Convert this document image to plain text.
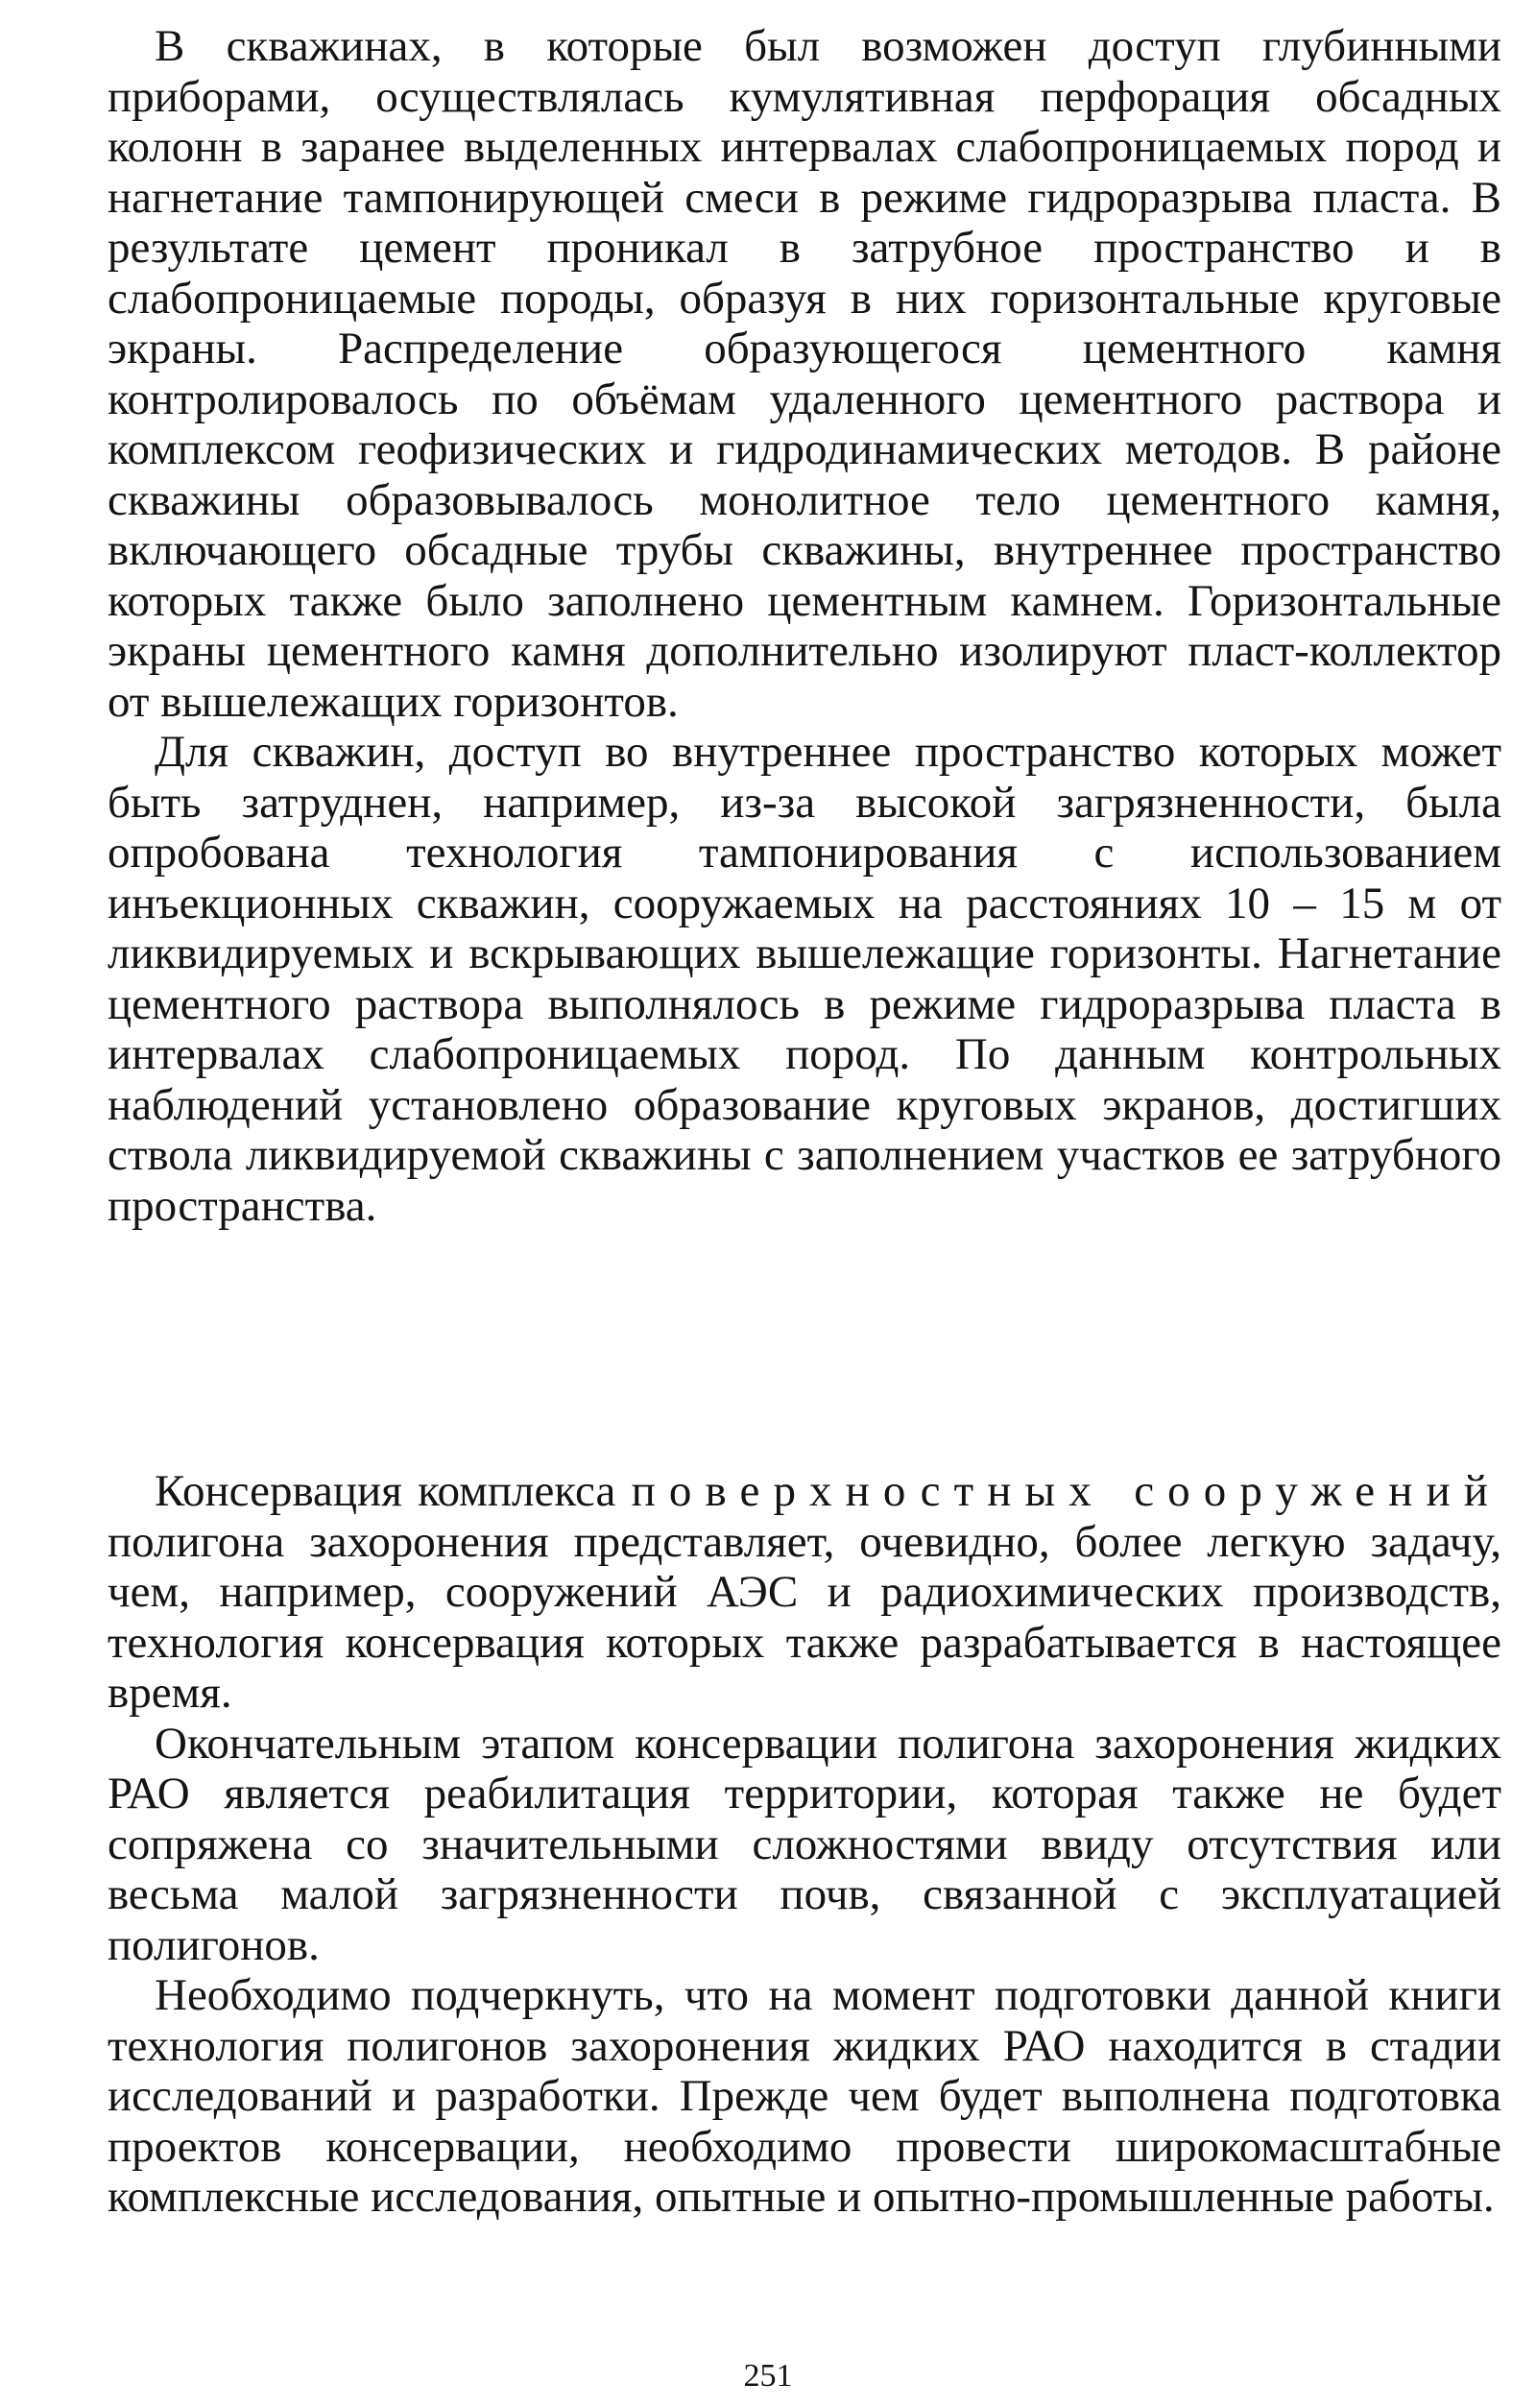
В скважинах, в которые был возможен доступ глубинными приборами, осуществлялась кумулятивная перфорация обсадных колонн в заранее выделенных интервалах слабопроницаемых пород и нагнетание тампонирующей смеси в режиме гидроразрыва пласта. В результате цемент проникал в затрубное пространство и в слабопроницаемые породы, образуя в них горизонтальные круговые экраны. Распределение образующегося цементного камня контролировалось по объёмам удаленного цементного раствора и комплексом геофизических и гидродинамических методов. В районе скважины образовывалось монолитное тело цементного камня, включающего обсадные трубы скважины, внутреннее пространство которых также было заполнено цементным камнем. Горизонтальные экраны цементного камня дополнительно изолируют пласт-коллектор от вышележащих горизонтов.

Для скважин, доступ во внутреннее пространство которых может быть затруднен, например, из-за высокой загрязненности, была опробована технология тампонирования с использованием инъекционных скважин, сооружаемых на расстояниях 10 – 15 м от ликвидируемых и вскрывающих вышележащие горизонты. Нагнетание цементного раствора выполнялось в режиме гидроразрыва пласта в интервалах слабопроницаемых пород. По данным контрольных наблюдений установлено образование круговых экранов, достигших ствола ликвидируемой скважины с заполнением участков ее затрубного пространства.

Консервация комплекса поверхностных сооружений полигона захоронения представляет, очевидно, более легкую задачу, чем, например, сооружений АЭС и радиохимических производств, технология консервация которых также разрабатывается в настоящее время.

Окончательным этапом консервации полигона захоронения жидких РАО является реабилитация территории, которая также не будет сопряжена со значительными сложностями ввиду отсутствия или весьма малой загрязненности почв, связанной с эксплуатацией полигонов.

Необходимо подчеркнуть, что на момент подготовки данной книги технология полигонов захоронения жидких РАО находится в стадии исследований и разработки. Прежде чем будет выполнена подготовка проектов консервации, необходимо провести широкомасштабные комплексные исследования, опытные и опытно-промышленные работы.

251
